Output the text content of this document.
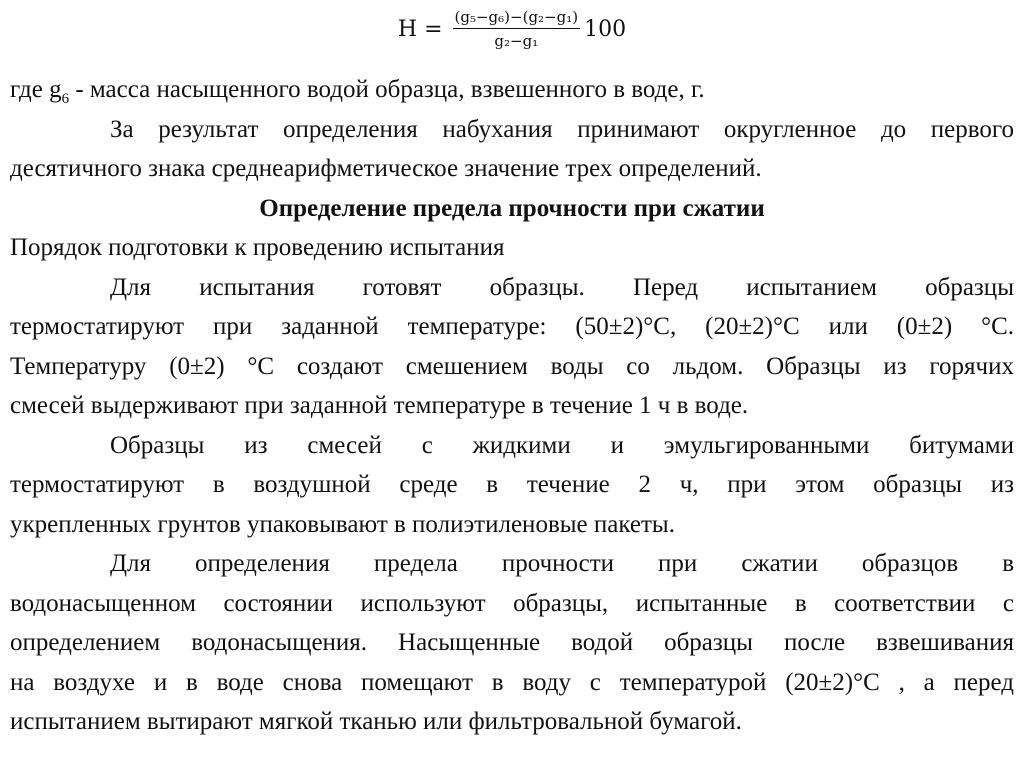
$H = \frac{\text{(g₅−g₆)−(g₂−g₁)}}{\text{g₂−g₁}} 100$
где $g_6$ - масса насыщенного водой образца, взвешенного в воде, г.
За результат определения набухания принимают округленное до первого
десятичного знака среднеарифметическое значение трех определений.
Определение предела прочности при сжатии
Порядок подготовки к проведению испытания
Для испытания готовят образцы. Перед испытанием образцы
термостатируют при заданной температуре: (50±2)°С, (20±2)°С или (0±2) °С.
Температуру (0±2) °С создают смешением воды со льдом. Образцы из горячих
смесей выдерживают при заданной температуре в течение 1 ч в воде.
Образцы из смесей с жидкими и эмульгированными битумами
термостатируют в воздушной среде в течение 2 ч, при этом образцы из
укрепленных грунтов упаковывают в полиэтиленовые пакеты.
Для определения предела прочности при сжатии образцов в
водонасыщенном состоянии используют образцы, испытанные в соответствии с
определением водонасыщения. Насыщенные водой образцы после взвешивания
на воздухе и в воде снова помещают в воду с температурой (20±2)°С , а перед
испытанием вытирают мягкой тканью или фильтровальной бумагой.
